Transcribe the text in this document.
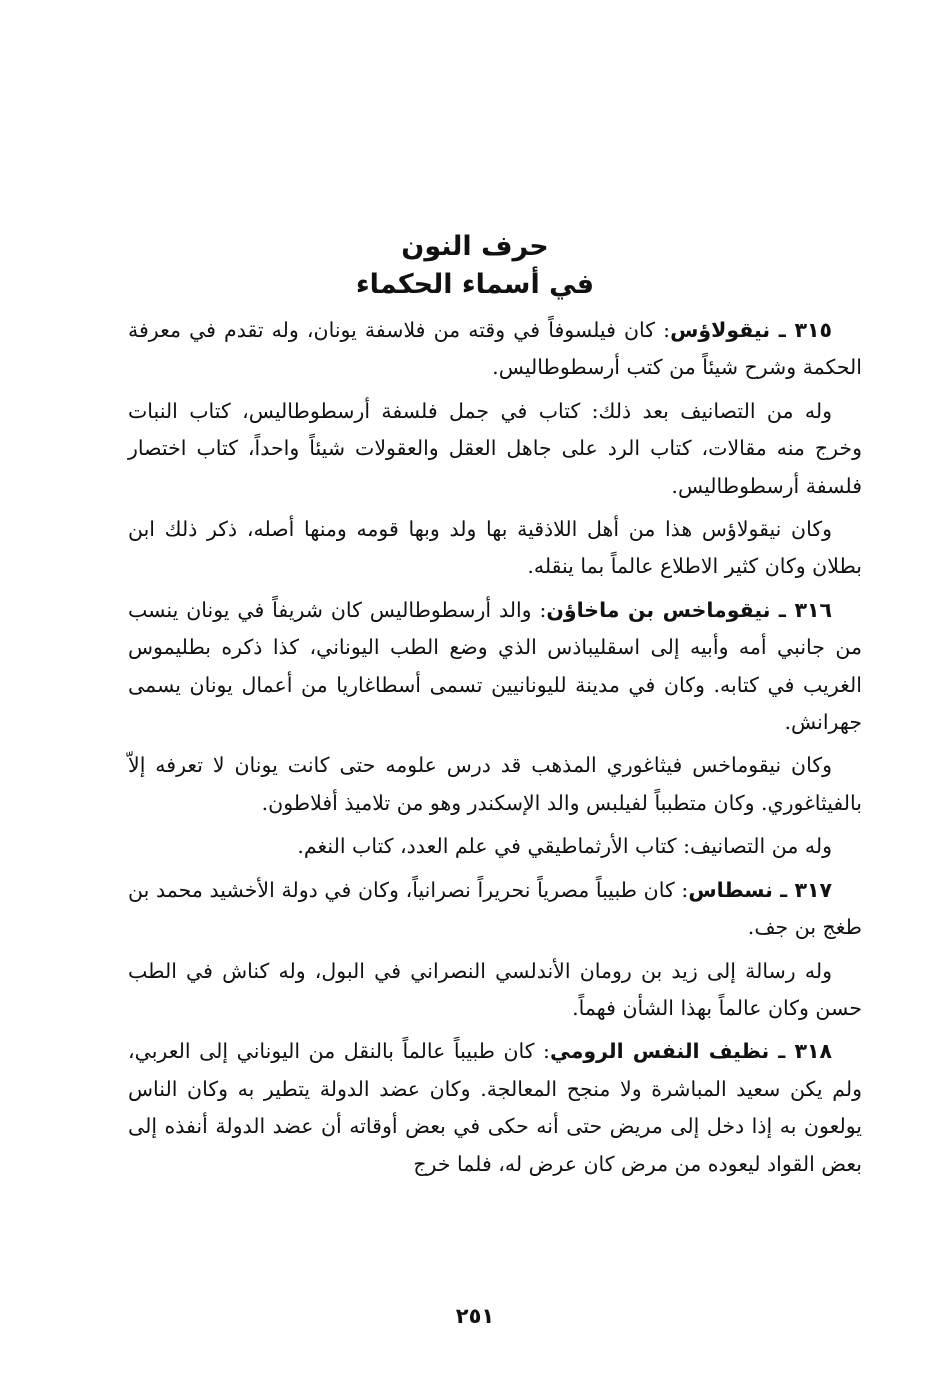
حرف النون

في أسماء الحكماء

٣١٥ ـ نيقولاؤس: كان فيلسوفاً في وقته من فلاسفة يونان، وله تقدم في معرفة الحكمة وشرح شيئاً من كتب أرسطوطاليس.

وله من التصانيف بعد ذلك: كتاب في جمل فلسفة أرسطوطاليس، كتاب النبات وخرج منه مقالات، كتاب الرد على جاهل العقل والعقولات شيئاً واحداً، كتاب اختصار فلسفة أرسطوطاليس.

وكان نيقولاؤس هذا من أهل اللاذقية بها ولد وبها قومه ومنها أصله، ذكر ذلك ابن بطلان وكان كثير الاطلاع عالماً بما ينقله.

٣١٦ ـ نيقوماخس بن ماخاؤن: والد أرسطوطاليس كان شريفاً في يونان ينسب من جانبي أمه وأبيه إلى اسقليباذس الذي وضع الطب اليوناني، كذا ذكره بطليموس الغريب في كتابه. وكان في مدينة لليونانيين تسمى أسطاغاريا من أعمال يونان يسمى جهرانش.

وكان نيقوماخس فيثاغوري المذهب قد درس علومه حتى كانت يونان لا تعرفه إلاّ بالفيثاغوري. وكان متطبباً لفيلبس والد الإسكندر وهو من تلاميذ أفلاطون.

وله من التصانيف: كتاب الأرثماطيقي في علم العدد، كتاب النغم.

٣١٧ ـ نسطاس: كان طبيباً مصرياً نحريراً نصرانياً، وكان في دولة الأخشيد محمد بن طغج بن جف.

وله رسالة إلى زيد بن رومان الأندلسي النصراني في البول، وله كناش في الطب حسن وكان عالماً بهذا الشأن فهماً.

٣١٨ ـ نظيف النفس الرومي: كان طبيباً عالماً بالنقل من اليوناني إلى العربي، ولم يكن سعيد المباشرة ولا منجح المعالجة. وكان عضد الدولة يتطير به وكان الناس يولعون به إذا دخل إلى مريض حتى أنه حكى في بعض أوقاته أن عضد الدولة أنفذه إلى بعض القواد ليعوده من مرض كان عرض له، فلما خرج

٢٥١
